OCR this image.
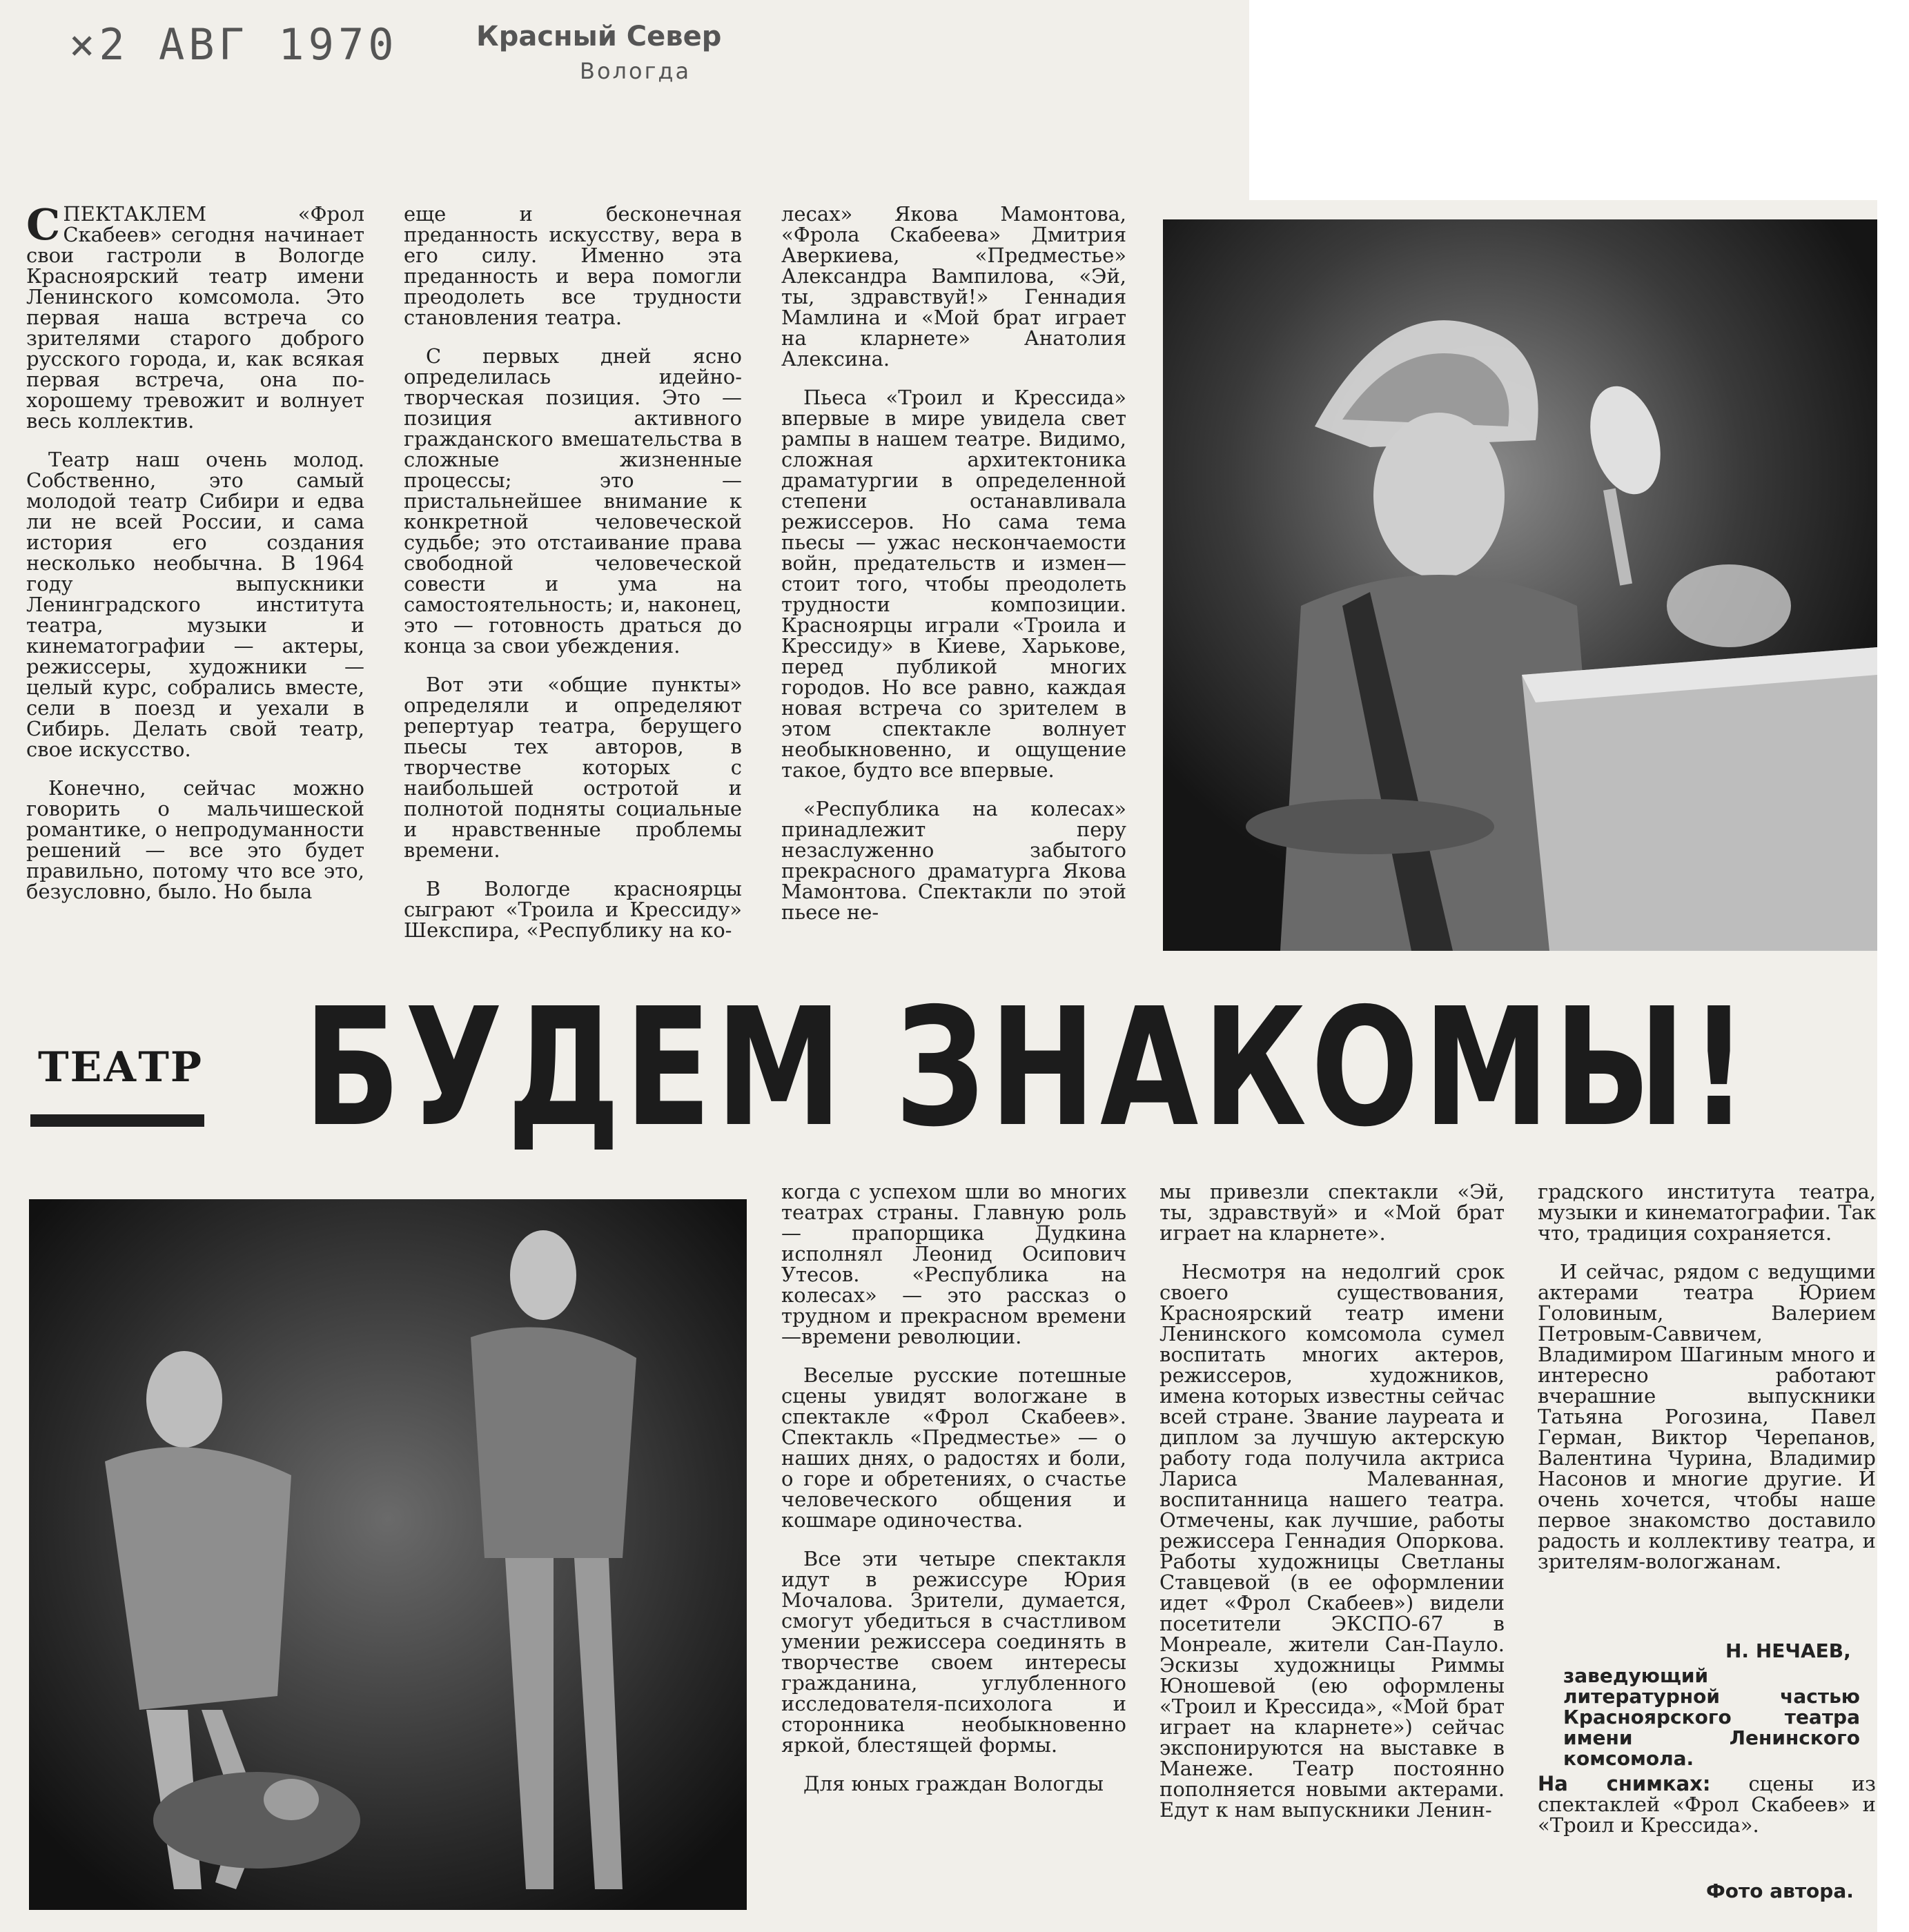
×2 АВГ 1970	Красный Север
Вологда

СПЕКТАКЛЕМ «Фрол Скабеев» сегодня начинает свои гастроли в Вологде Красноярский театр имени Ленинского комсомола. Это первая наша встреча со зрителями старого доброго русского города, и, как всякая первая встреча, она по-хорошему тревожит и волнует весь коллектив.

Театр наш очень молод. Собственно, это самый молодой театр Сибири и едва ли не всей России, и сама история его создания несколько необычна. В 1964 году выпускники Ленинградского института театра, музыки и кинематографии — актеры, режиссеры, художники — целый курс, собрались вместе, сели в поезд и уехали в Сибирь. Делать свой театр, свое искусство.

Конечно, сейчас можно говорить о мальчишеской романтике, о непродуманности решений — все это будет правильно, потому что все это, безусловно, было. Но была

еще и бесконечная преданность искусству, вера в его силу. Именно эта преданность и вера помогли преодолеть все трудности становления театра.

С первых дней ясно определилась идейно-творческая позиция. Это — позиция активного гражданского вмешательства в сложные жизненные процессы; это — пристальнейшее внимание к конкретной человеческой судьбе; это отстаивание права свободной человеческой совести и ума на самостоятельность; и, наконец, это — готовность драться до конца за свои убеждения.

Вот эти «общие пункты» определяли и определяют репертуар театра, берущего пьесы тех авторов, в творчестве которых с наибольшей остротой и полнотой подняты социальные и нравственные проблемы времени.

В Вологде красноярцы сыграют «Троила и Крессиду» Шекспира, «Республику на ко-

лесах» Якова Мамонтова, «Фрола Скабеева» Дмитрия Аверкиева, «Предместье» Александра Вампилова, «Эй, ты, здравствуй!» Геннадия Мамлина и «Мой брат играет на кларнете» Анатолия Алексина.

Пьеса «Троил и Крессида» впервые в мире увидела свет рампы в нашем театре. Видимо, сложная архитектоника драматургии в определенной степени останавливала режиссеров. Но сама тема пьесы — ужас нескончаемости войн, предательств и измен—стоит того, чтобы преодолеть трудности композиции. Красноярцы играли «Троила и Крессиду» в Киеве, Харькове, перед публикой многих городов. Но все равно, каждая новая встреча со зрителем в этом спектакле волнует необыкновенно, и ощущение такое, будто все впервые.

«Республика на колесах» принадлежит перу незаслуженно забытого прекрасного драматурга Якова Мамонтова. Спектакли по этой пьесе не-

ТЕАТР БУДЕМ ЗНАКОМЫ!

когда с успехом шли во многих театрах страны. Главную роль — прапорщика Дудкина исполнял Леонид Осипович Утесов. «Республика на колесах» — это рассказ о трудном и прекрасном времени—времени революции.

Веселые русские потешные сцены увидят вологжане в спектакле «Фрол Скабеев». Спектакль «Предместье» — о наших днях, о радостях и боли, о горе и обретениях, о счастье человеческого общения и кошмаре одиночества.

Все эти четыре спектакля идут в режиссуре Юрия Мочалова. Зрители, думается, смогут убедиться в счастливом умении режиссера соединять в творчестве своем интересы гражданина, углубленного исследователя-психолога и сторонника необыкновенно яркой, блестящей формы.

Для юных граждан Вологды

мы привезли спектакли «Эй, ты, здравствуй» и «Мой брат играет на кларнете».

Несмотря на недолгий срок своего существования, Красноярский театр имени Ленинского комсомола сумел воспитать многих актеров, режиссеров, художников, имена которых известны сейчас всей стране. Звание лауреата и диплом за лучшую актерскую работу года получила актриса Лариса Малеванная, воспитанница нашего театра. Отмечены, как лучшие, работы режиссера Геннадия Опоркова. Работы художницы Светланы Ставцевой (в ее оформлении идет «Фрол Скабеев») видели посетители ЭКСПО-67 в Монреале, жители Сан-Пауло. Эскизы художницы Риммы Юношевой (ею оформлены «Троил и Крессида», «Мой брат играет на кларнете») сейчас экспонируются на выставке в Манеже. Театр постоянно пополняется новыми актерами. Едут к нам выпускники Ленин-

градского института театра, музыки и кинематографии. Так что, традиция сохраняется.

И сейчас, рядом с ведущими актерами театра Юрием Головиным, Валерием Петровым-Саввичем, Владимиром Шагиным много и интересно работают вчерашние выпускники Татьяна Рогозина, Павел Герман, Виктор Черепанов, Валентина Чурина, Владимир Насонов и многие другие. И очень хочется, чтобы наше первое знакомство доставило радость и коллективу театра, и зрителям-вологжанам.

Н. НЕЧАЕВ,
заведующий литературной частью Красноярского театра имени Ленинского комсомола.

На снимках: сцены из спектаклей «Фрол Скабеев» и «Троил и Крессида».

Фото автора.
